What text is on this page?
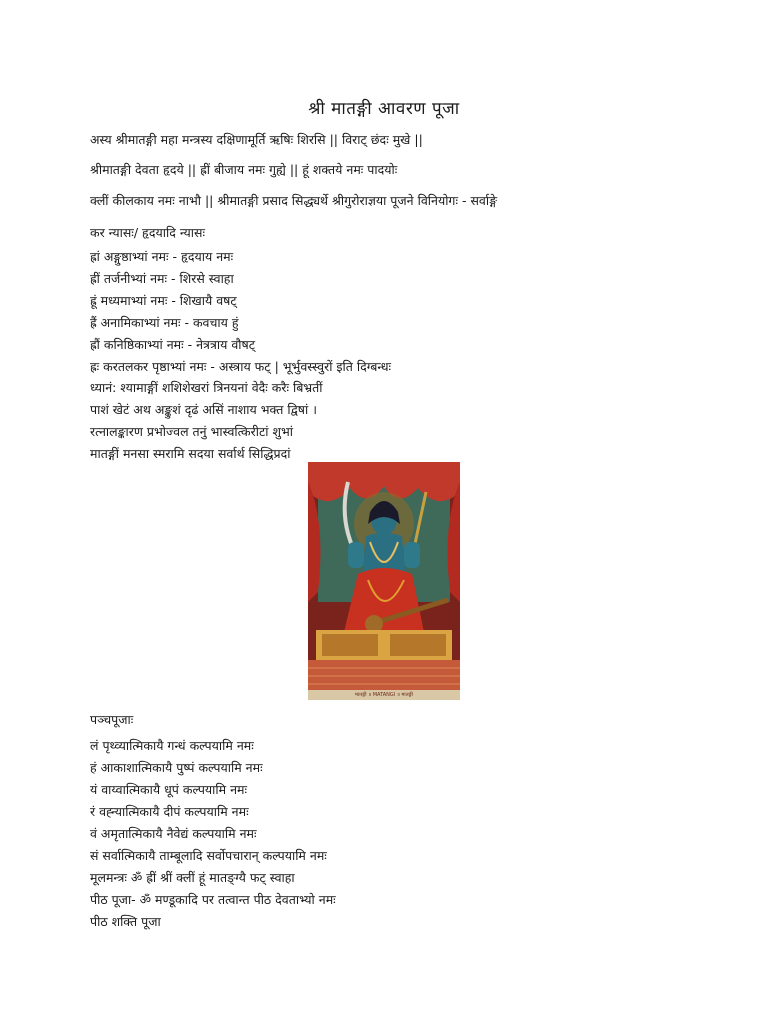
श्री मातङ्गी आवरण पूजा
अस्य श्रीमातङ्गी महा मन्त्रस्य दक्षिणामूर्ति ऋषिः शिरसि || विराट् छंदः मुखे ||
श्रीमातङ्गी देवता हृदये || ह्रीं बीजाय नमः गुह्ये || हूं शक्तये नमः पादयोः
क्लीं कीलकाय नमः नाभौ || श्रीमातङ्गी प्रसाद सिद्ध्यर्थे श्रीगुरोराज्ञया पूजने विनियोगः - सर्वाङ्गे
कर न्यासः/ हृदयादि न्यासः
ह्रां अङ्गुष्ठाभ्यां नमः - हृदयाय नमः
ह्रीं तर्जनीभ्यां नमः - शिरसे स्वाहा
ह्रूं मध्यमाभ्यां नमः - शिखायै वषट्
ह्रैं अनामिकाभ्यां नमः - कवचाय हुं
ह्रौं कनिष्ठिकाभ्यां नमः - नेत्रत्राय वौषट्
ह्रः करतलकर पृष्ठाभ्यां नमः - अस्त्राय फट् | भूर्भुवस्स्वुरों इति दिग्बन्धः
ध्यानं: श्यामाङ्गीं शशिशेखरां त्रिनयनां वेदैः करैः बिभ्रतीं
पाशं खेटं अथ अङ्कुशं दृढं असिं नाशाय भक्त द्विषां ।
रत्नालङ्कारण प्रभोज्वल तनुं भास्वत्किरीटां शुभां
मातङ्गीं मनसा स्मरामि सदया सर्वार्थ सिद्धिप्रदां
मातङ्गी ॥ MATANGI ॥ मातङ्गी
पञ्चपूजाः
लं पृथ्व्यात्मिकायै गन्धं कल्पयामि नमः
हं आकाशात्मिकायै पुष्पं कल्पयामि नमः
यं वाय्वात्मिकायै धूपं कल्पयामि नमः
रं वह्न्यात्मिकायै दीपं कल्पयामि नमः
वं अमृतात्मिकायै नैवेद्यं कल्पयामि नमः
सं सर्वात्मिकायै ताम्बूलादि सर्वोपचारान् कल्पयामि नमः
मूलमन्त्रः ॐ ह्रीं श्रीं क्लीं हूं मातङ्ग्यै फट् स्वाहा
पीठ पूजा- ॐ मण्डूकादि पर तत्वान्त पीठ देवताभ्यो नमः
पीठ शक्ति पूजा
